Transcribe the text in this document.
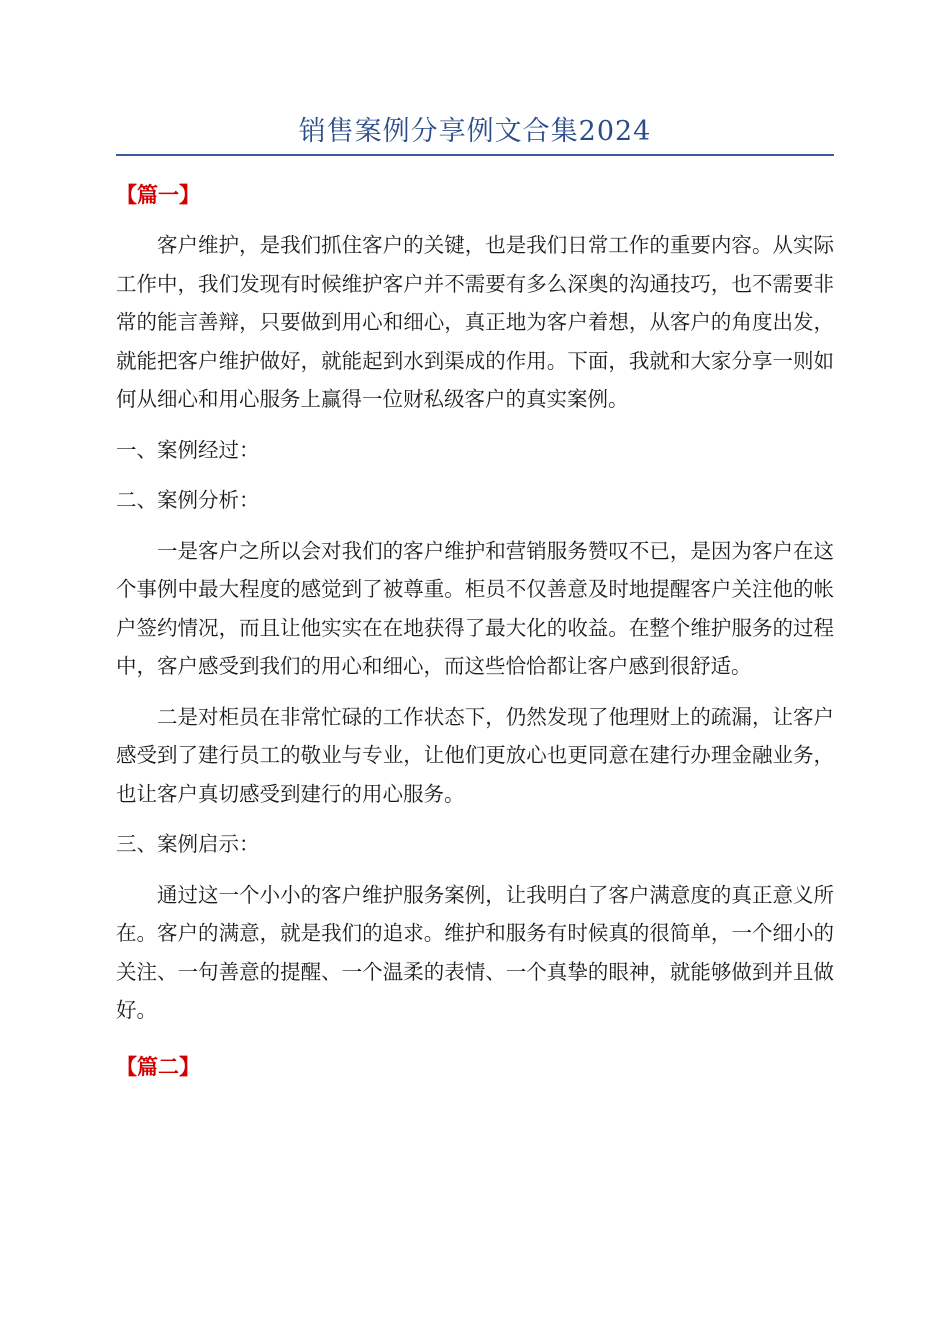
销售案例分享例文合集2024
【篇一】

客户维护，是我们抓住客户的关键，也是我们日常工作的重要内容。从实际工作中，我们发现有时候维护客户并不需要有多么深奥的沟通技巧，也不需要非常的能言善辩，只要做到用心和细心，真正地为客户着想，从客户的角度出发，就能把客户维护做好，就能起到水到渠成的作用。下面，我就和大家分享一则如何从细心和用心服务上赢得一位财私级客户的真实案例。

一、案例经过：

二、案例分析：

一是客户之所以会对我们的客户维护和营销服务赞叹不已，是因为客户在这个事例中最大程度的感觉到了被尊重。柜员不仅善意及时地提醒客户关注他的帐户签约情况，而且让他实实在在地获得了最大化的收益。在整个维护服务的过程中，客户感受到我们的用心和细心，而这些恰恰都让客户感到很舒适。

二是对柜员在非常忙碌的工作状态下，仍然发现了他理财上的疏漏，让客户感受到了建行员工的敬业与专业，让他们更放心也更同意在建行办理金融业务，也让客户真切感受到建行的用心服务。

三、案例启示：

通过这一个小小的客户维护服务案例，让我明白了客户满意度的真正意义所在。客户的满意，就是我们的追求。维护和服务有时候真的很简单，一个细小的关注、一句善意的提醒、一个温柔的表情、一个真挚的眼神，就能够做到并且做好。

【篇二】
